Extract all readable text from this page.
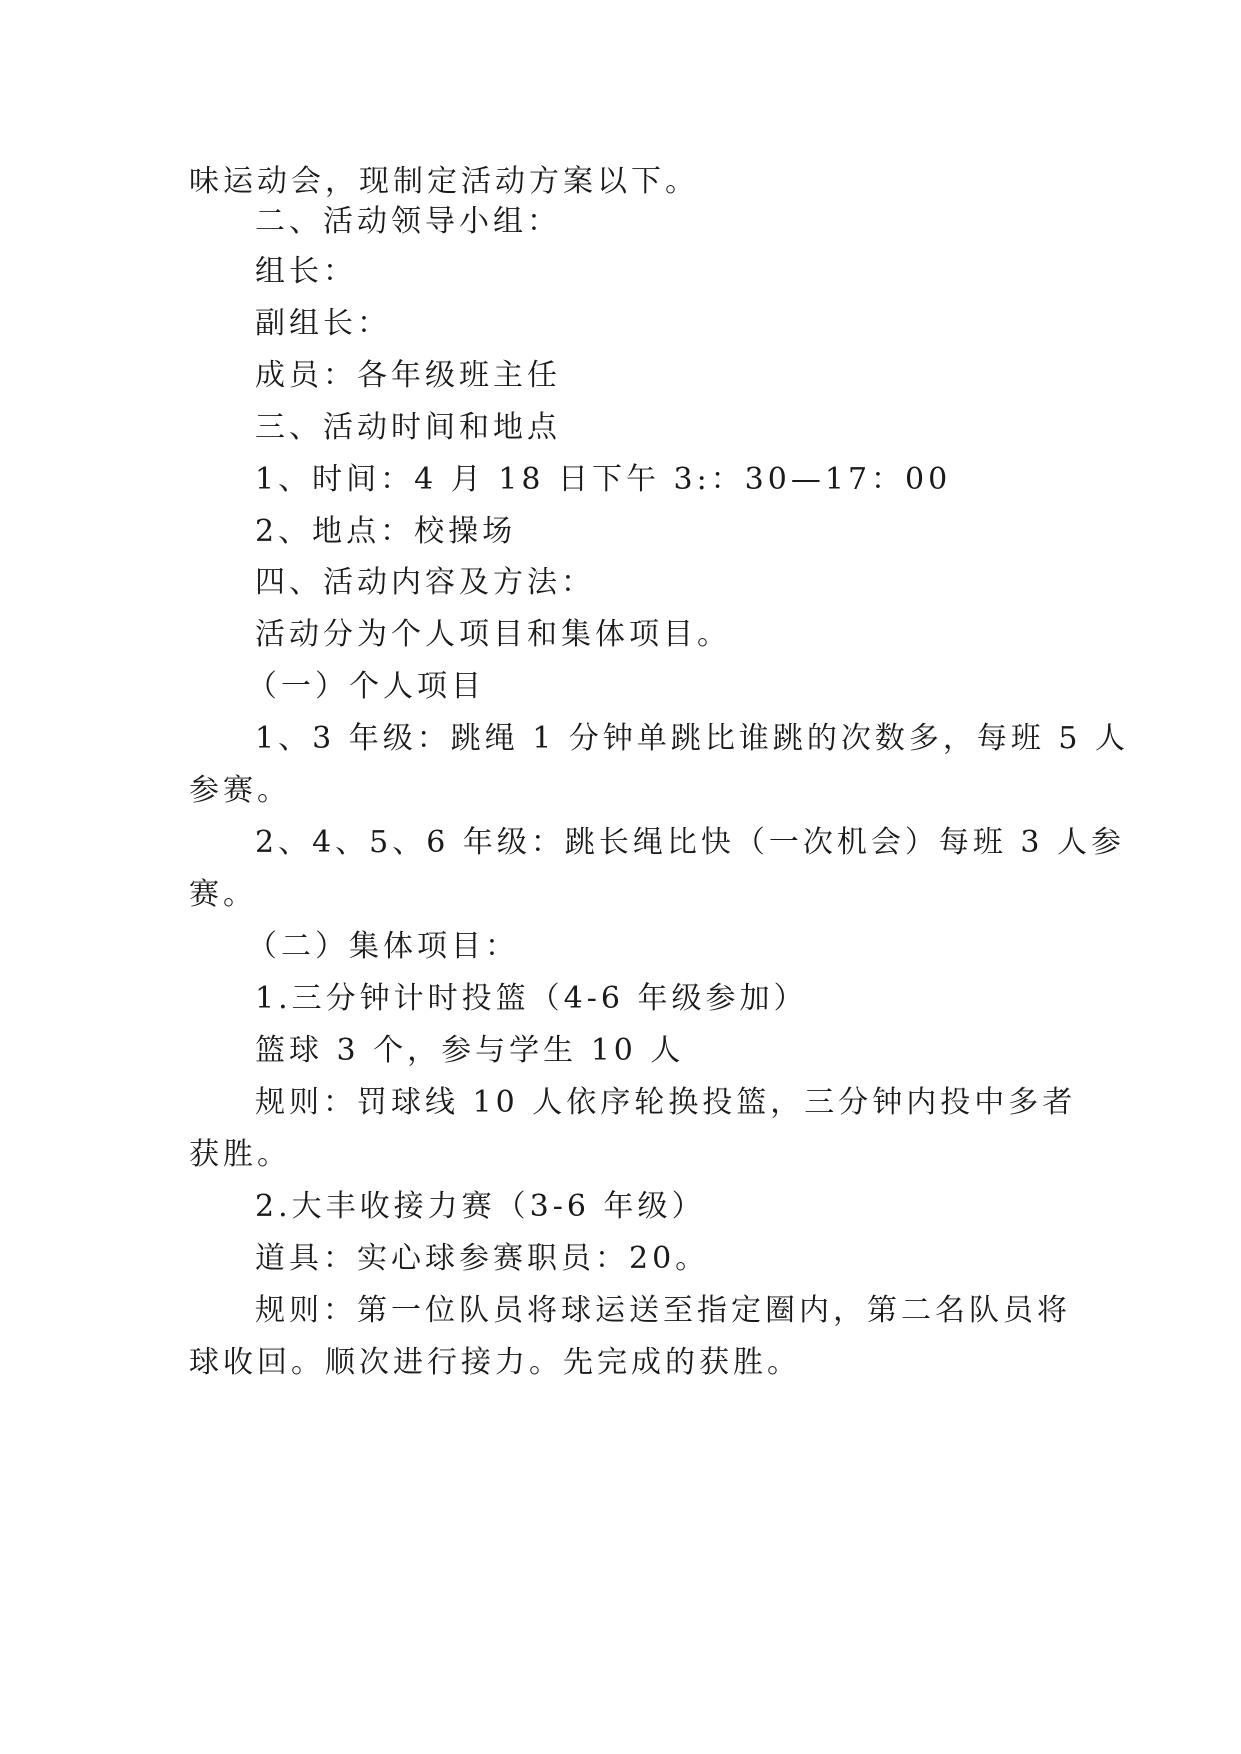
味运动会，现制定活动方案以下。
二、活动领导小组：
组长：
副组长：
成员：各年级班主任
三、活动时间和地点
1、时间：4 月 18 日下午 3:：30—17：00
2、地点：校操场
四、活动内容及方法：
活动分为个人项目和集体项目。
（一）个人项目
1、3 年级：跳绳 1 分钟单跳比谁跳的次数多，每班 5 人
参赛。
2、4、5、6 年级：跳长绳比快（一次机会）每班 3 人参
赛。
（二）集体项目：
1.三分钟计时投篮（4-6 年级参加）
篮球 3 个，参与学生 10 人
规则：罚球线 10 人依序轮换投篮，三分钟内投中多者
获胜。
2.大丰收接力赛（3-6 年级）
道具：实心球参赛职员：20。
规则：第一位队员将球运送至指定圈内，第二名队员将
球收回。顺次进行接力。先完成的获胜。
